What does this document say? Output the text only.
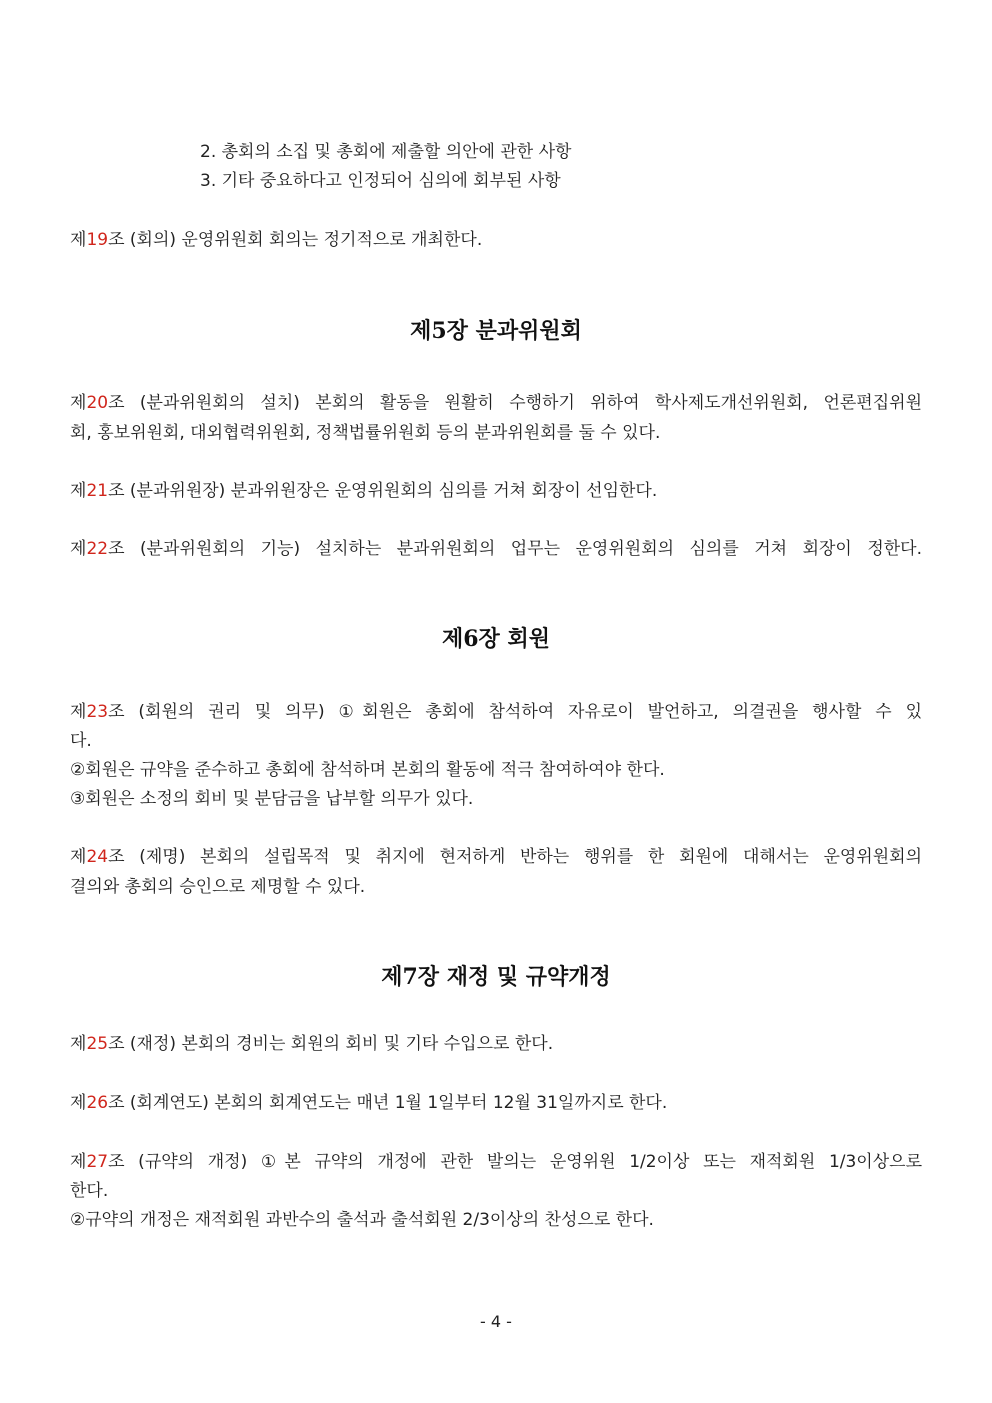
2. 총회의 소집 및 총회에 제출할 의안에 관한 사항
3. 기타 중요하다고 인정되어 심의에 회부된 사항
제19조 (회의) 운영위원회 회의는 정기적으로 개최한다.
제5장 분과위원회
제20조 (분과위원회의 설치) 본회의 활동을 원활히 수행하기 위하여 학사제도개선위원회, 언론편집위원
회, 홍보위원회, 대외협력위원회, 정책법률위원회 등의 분과위원회를 둘 수 있다.
제21조 (분과위원장) 분과위원장은 운영위원회의 심의를 거쳐 회장이 선임한다.
제22조 (분과위원회의 기능) 설치하는 분과위원회의 업무는 운영위원회의 심의를 거쳐 회장이 정한다.
제6장 회원
제23조 (회원의 권리 및 의무) ①회원은 총회에 참석하여 자유로이 발언하고, 의결권을 행사할 수 있
다.
②회원은 규약을 준수하고 총회에 참석하며 본회의 활동에 적극 참여하여야 한다.
③회원은 소정의 회비 및 분담금을 납부할 의무가 있다.
제24조 (제명) 본회의 설립목적 및 취지에 현저하게 반하는 행위를 한 회원에 대해서는 운영위원회의
결의와 총회의 승인으로 제명할 수 있다.
제7장 재정 및 규약개정
제25조 (재정) 본회의 경비는 회원의 회비 및 기타 수입으로 한다.
제26조 (회계연도) 본회의 회계연도는 매년 1월 1일부터 12월 31일까지로 한다.
제27조 (규약의 개정) ①본 규약의 개정에 관한 발의는 운영위원 1/2이상 또는 재적회원 1/3이상으로
한다.
②규약의 개정은 재적회원 과반수의 출석과 출석회원 2/3이상의 찬성으로 한다.
- 4 -
